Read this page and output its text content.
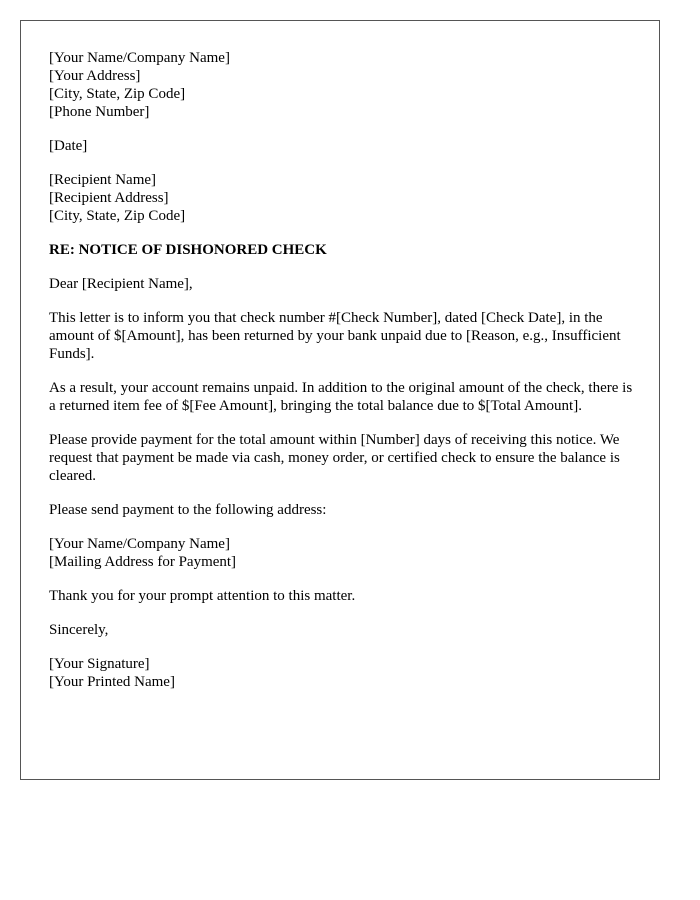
[Your Name/Company Name]
[Your Address]
[City, State, Zip Code]
[Phone Number]
[Date]
[Recipient Name]
[Recipient Address]
[City, State, Zip Code]
RE: NOTICE OF DISHONORED CHECK

Dear [Recipient Name],

This letter is to inform you that check number #[Check Number], dated [Check Date], in the amount of $[Amount], has been returned by your bank unpaid due to [Reason, e.g., Insufficient Funds].

As a result, your account remains unpaid. In addition to the original amount of the check, there is a returned item fee of $[Fee Amount], bringing the total balance due to $[Total Amount].

Please provide payment for the total amount within [Number] days of receiving this notice. We request that payment be made via cash, money order, or certified check to ensure the balance is cleared.

Please send payment to the following address:

[Your Name/Company Name]
[Mailing Address for Payment]

Thank you for your prompt attention to this matter.

Sincerely,

[Your Signature]
[Your Printed Name]
